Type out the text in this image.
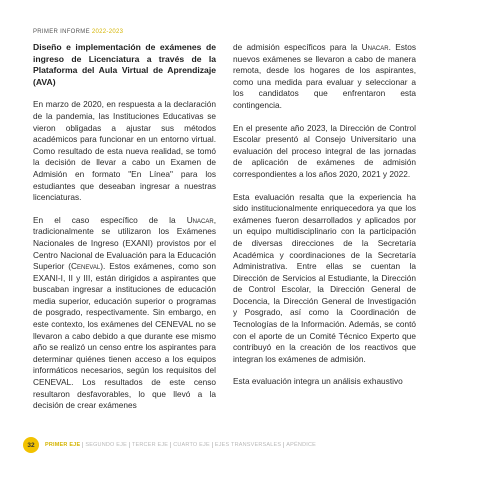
PRIMER INFORME 2022-2023
Diseño e implementación de exámenes de ingreso de Licenciatura a través de la Plataforma del Aula Virtual de Aprendizaje (AVA)

En marzo de 2020, en respuesta a la declaración de la pandemia, las Instituciones Educativas se vieron obligadas a ajustar sus métodos académicos para funcionar en un entorno virtual. Como resultado de esta nueva realidad, se tomó la decisión de llevar a cabo un Examen de Admisión en formato "En Línea" para los estudiantes que deseaban ingresar a nuestras licenciaturas.

En el caso específico de la Unacar, tradicionalmente se utilizaron los Exámenes Nacionales de Ingreso (EXANI) provistos por el Centro Nacional de Evaluación para la Educación Superior (Ceneval). Estos exámenes, como son EXANI-I, II y III, están dirigidos a aspirantes que buscaban ingresar a instituciones de educación media superior, educación superior o programas de posgrado, respectivamente. Sin embargo, en este contexto, los exámenes del CENEVAL no se llevaron a cabo debido a que durante ese mismo año se realizó un censo entre los aspirantes para determinar quiénes tienen acceso a los equipos informáticos necesarios, según los requisitos del CENEVAL. Los resultados de este censo resultaron desfavorables, lo que llevó a la decisión de crear exámenes

de admisión específicos para la Unacar. Estos nuevos exámenes se llevaron a cabo de manera remota, desde los hogares de los aspirantes, como una medida para evaluar y seleccionar a los candidatos que enfrentaron esta contingencia.

En el presente año 2023, la Dirección de Control Escolar presentó al Consejo Universitario una evaluación del proceso integral de las jornadas de aplicación de exámenes de admisión correspondientes a los años 2020, 2021 y 2022.

Esta evaluación resalta que la experiencia ha sido institucionalmente enriquecedora ya que los exámenes fueron desarrollados y aplicados por un equipo multidisciplinario con la participación de diversas direcciones de la Secretaría Académica y coordinaciones de la Secretaría Administrativa. Entre ellas se cuentan la Dirección de Servicios al Estudiante, la Dirección de Control Escolar, la Dirección General de Docencia, la Dirección General de Investigación y Posgrado, así como la Coordinación de Tecnologías de la Información. Además, se contó con el aporte de un Comité Técnico Experto que contribuyó en la creación de los reactivos que integran los exámenes de admisión.

Esta evaluación integra un análisis exhaustivo

32 PRIMER EJE SEGUNDO EJE TERCER EJE CUARTO EJE EJES TRANSVERSALES APÉNDICE
